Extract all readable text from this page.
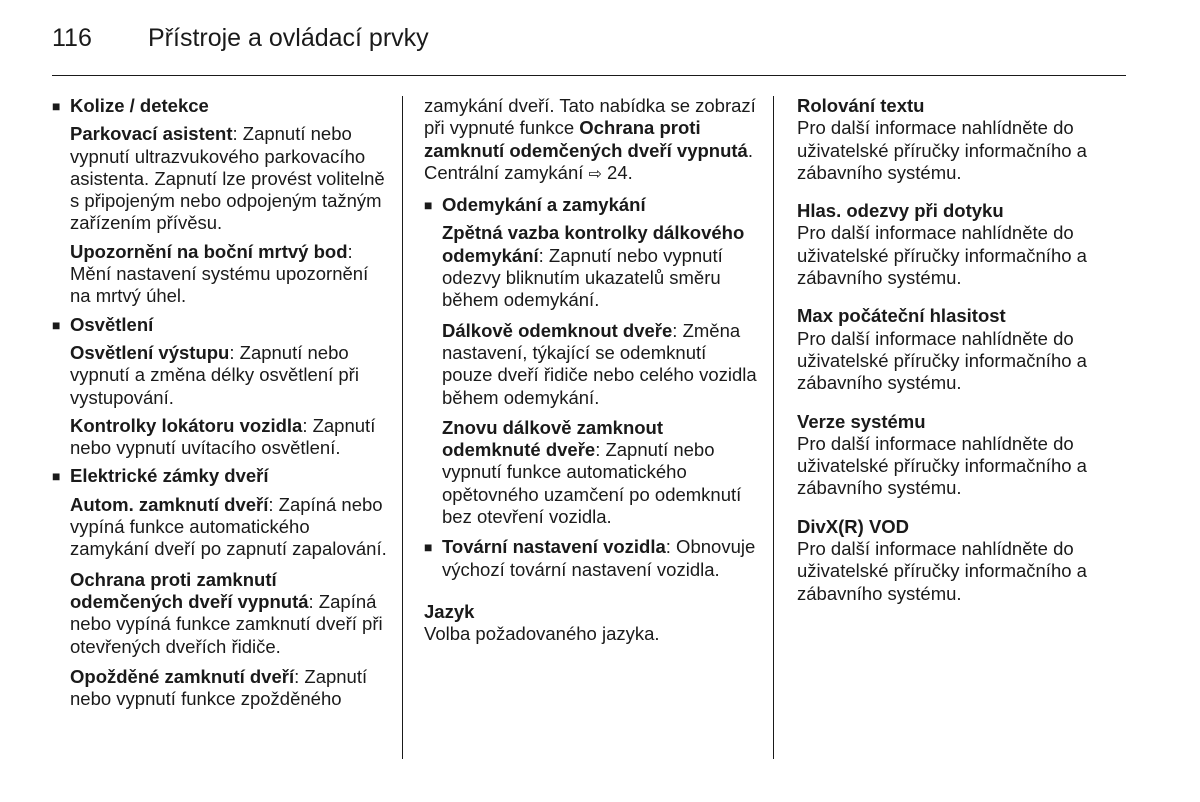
116	Přístroje a ovládací prvky
■ Kolize / detekce
Parkovací asistent: Zapnutí nebo vypnutí ultrazvukového parkovacího asistenta. Zapnutí lze provést volitelně s připojeným nebo odpojeným tažným zařízením přívěsu.
Upozornění na boční mrtvý bod: Mění nastavení systému upozornění na mrtvý úhel.
■ Osvětlení
Osvětlení výstupu: Zapnutí nebo vypnutí a změna délky osvětlení při vystupování.
Kontrolky lokátoru vozidla: Zapnutí nebo vypnutí uvítacího osvětlení.
■ Elektrické zámky dveří
Autom. zamknutí dveří: Zapíná nebo vypíná funkce automatického zamykání dveří po zapnutí zapalování.
Ochrana proti zamknutí odemčených dveří vypnutá: Zapíná nebo vypíná funkce zamknutí dveří při otevřených dveřích řidiče.
Opožděné zamknutí dveří: Zapnutí nebo vypnutí funkce zpožděného
zamykání dveří. Tato nabídka se zobrazí při vypnuté funkce Ochrana proti zamknutí odemčených dveří vypnutá. Centrální zamykání ⇨ 24.
■ Odemykání a zamykání
Zpětná vazba kontrolky dálkového odemykání: Zapnutí nebo vypnutí odezvy bliknutím ukazatelů směru během odemykání.
Dálkově odemknout dveře: Změna nastavení, týkající se odemknutí pouze dveří řidiče nebo celého vozidla během odemykání.
Znovu dálkově zamknout odemknuté dveře: Zapnutí nebo vypnutí funkce automatického opětovného uzamčení po odemknutí bez otevření vozidla.
■ Tovární nastavení vozidla: Obnovuje výchozí tovární nastavení vozidla.
Jazyk
Volba požadovaného jazyka.
Rolování textu
Pro další informace nahlídněte do uživatelské příručky informačního a zábavního systému.
Hlas. odezvy při dotyku
Pro další informace nahlídněte do uživatelské příručky informačního a zábavního systému.
Max počáteční hlasitost
Pro další informace nahlídněte do uživatelské příručky informačního a zábavního systému.
Verze systému
Pro další informace nahlídněte do uživatelské příručky informačního a zábavního systému.
DivX(R) VOD
Pro další informace nahlídněte do uživatelské příručky informačního a zábavního systému.
